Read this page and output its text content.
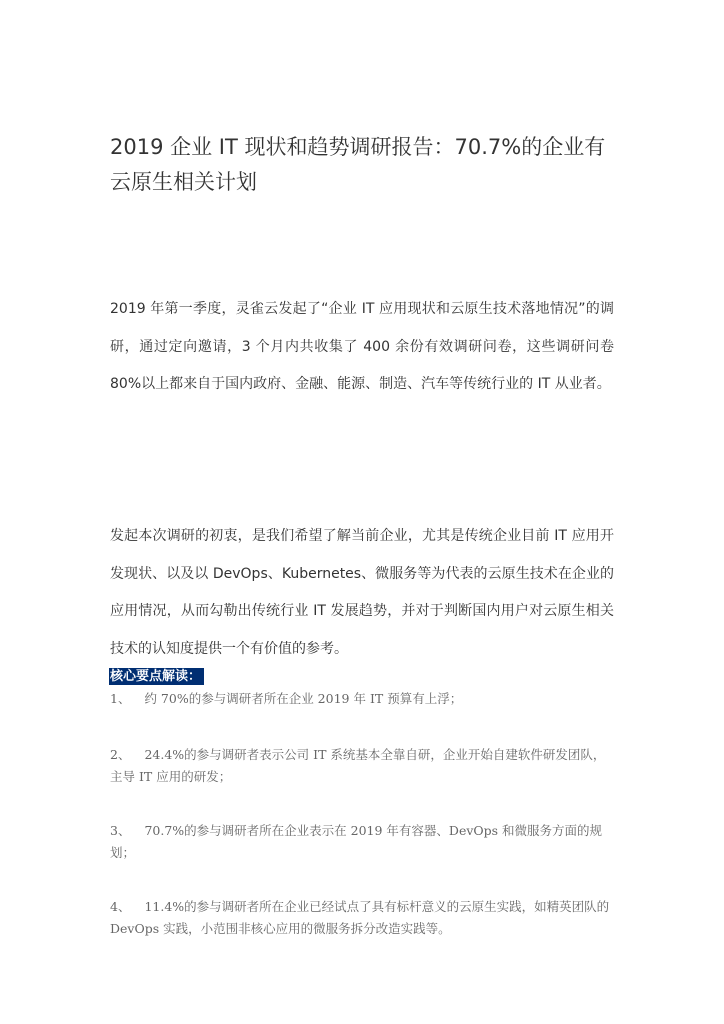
2019 企业 IT 现状和趋势调研报告：70.7%的企业有云原生相关计划

2019 年第一季度，灵雀云发起了“企业 IT 应用现状和云原生技术落地情况”的调研，通过定向邀请，3 个月内共收集了 400 余份有效调研问卷，这些调研问卷 80%以上都来自于国内政府、金融、能源、制造、汽车等传统行业的 IT 从业者。

发起本次调研的初衷，是我们希望了解当前企业，尤其是传统企业目前 IT 应用开发现状、以及以 DevOps、Kubernetes、微服务等为代表的云原生技术在企业的应用情况，从而勾勒出传统行业 IT 发展趋势，并对于判断国内用户对云原生相关技术的认知度提供一个有价值的参考。

核心要点解读：

1、 约 70%的参与调研者所在企业 2019 年 IT 预算有上浮；

2、 24.4%的参与调研者表示公司 IT 系统基本全靠自研，企业开始自建软件研发团队，主导 IT 应用的研发；

3、 70.7%的参与调研者所在企业表示在 2019 年有容器、DevOps 和微服务方面的规划；

4、 11.4%的参与调研者所在企业已经试点了具有标杆意义的云原生实践，如精英团队的 DevOps 实践，小范围非核心应用的微服务拆分改造实践等。
